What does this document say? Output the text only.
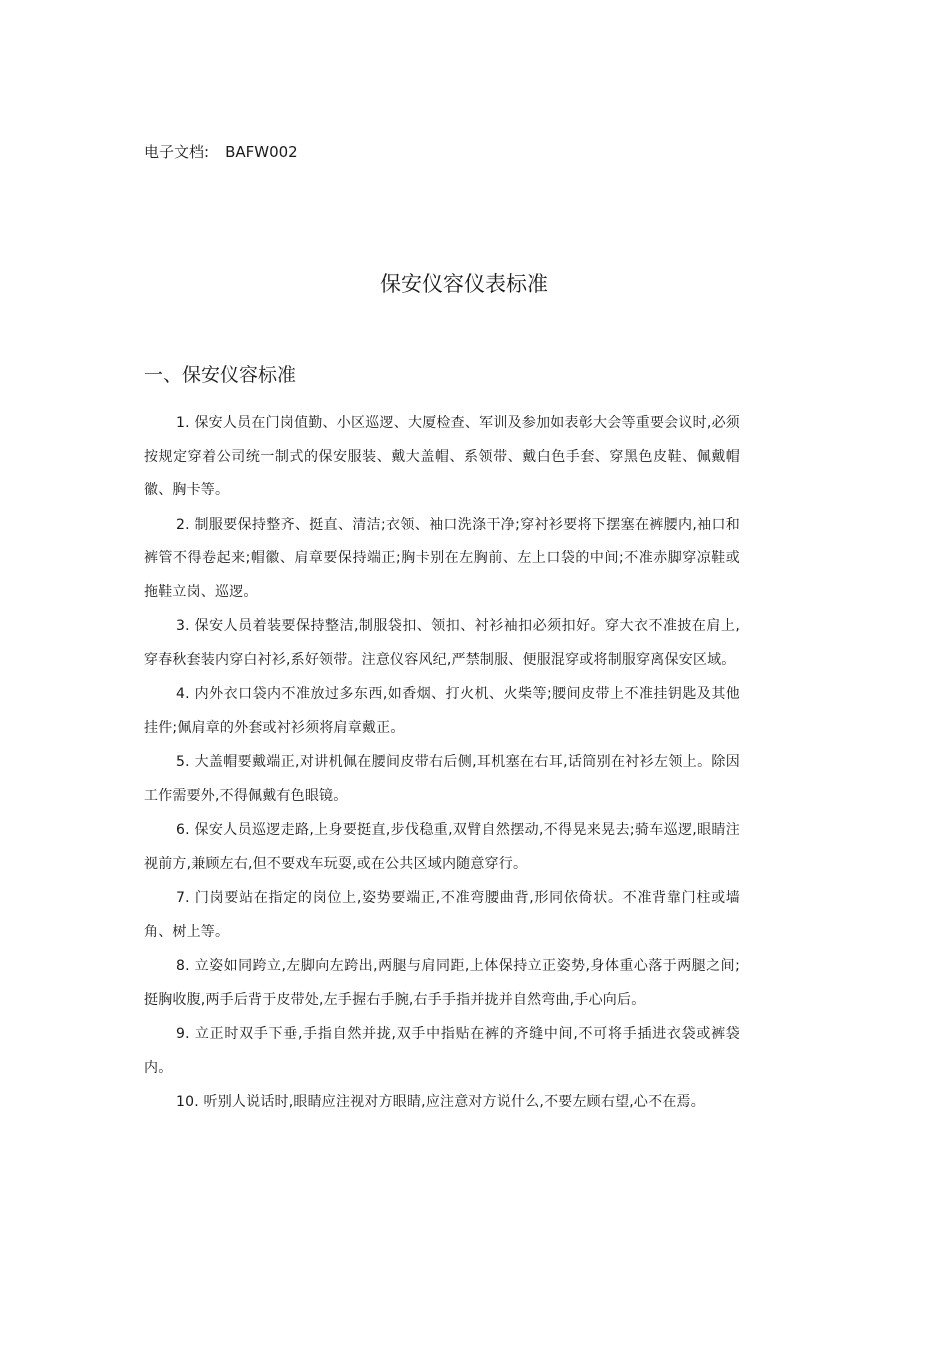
电子文档: BAFW002
保安仪容仪表标准
一、保安仪容标准

1. 保安人员在门岗值勤、小区巡逻、大厦检查、军训及参加如表彰大会等重要会议时,必须按规定穿着公司统一制式的保安服装、戴大盖帽、系领带、戴白色手套、穿黑色皮鞋、佩戴帽徽、胸卡等。

2. 制服要保持整齐、挺直、清洁;衣领、袖口洗涤干净;穿衬衫要将下摆塞在裤腰内,袖口和裤管不得卷起来;帽徽、肩章要保持端正;胸卡别在左胸前、左上口袋的中间;不准赤脚穿凉鞋或拖鞋立岗、巡逻。

3. 保安人员着装要保持整洁,制服袋扣、领扣、衬衫袖扣必须扣好。穿大衣不准披在肩上,穿春秋套装内穿白衬衫,系好领带。注意仪容风纪,严禁制服、便服混穿或将制服穿离保安区域。

4. 内外衣口袋内不准放过多东西,如香烟、打火机、火柴等;腰间皮带上不准挂钥匙及其他挂件;佩肩章的外套或衬衫须将肩章戴正。

5. 大盖帽要戴端正,对讲机佩在腰间皮带右后侧,耳机塞在右耳,话筒别在衬衫左领上。除因工作需要外,不得佩戴有色眼镜。

6. 保安人员巡逻走路,上身要挺直,步伐稳重,双臂自然摆动,不得晃来晃去;骑车巡逻,眼睛注视前方,兼顾左右,但不要戏车玩耍,或在公共区域内随意穿行。

7. 门岗要站在指定的岗位上,姿势要端正,不准弯腰曲背,形同依倚状。不准背靠门柱或墙角、树上等。

8. 立姿如同跨立,左脚向左跨出,两腿与肩同距,上体保持立正姿势,身体重心落于两腿之间;挺胸收腹,两手后背于皮带处,左手握右手腕,右手手指并拢并自然弯曲,手心向后。

9. 立正时双手下垂,手指自然并拢,双手中指贴在裤的齐缝中间,不可将手插进衣袋或裤袋内。

10. 听别人说话时,眼睛应注视对方眼睛,应注意对方说什么,不要左顾右望,心不在焉。
